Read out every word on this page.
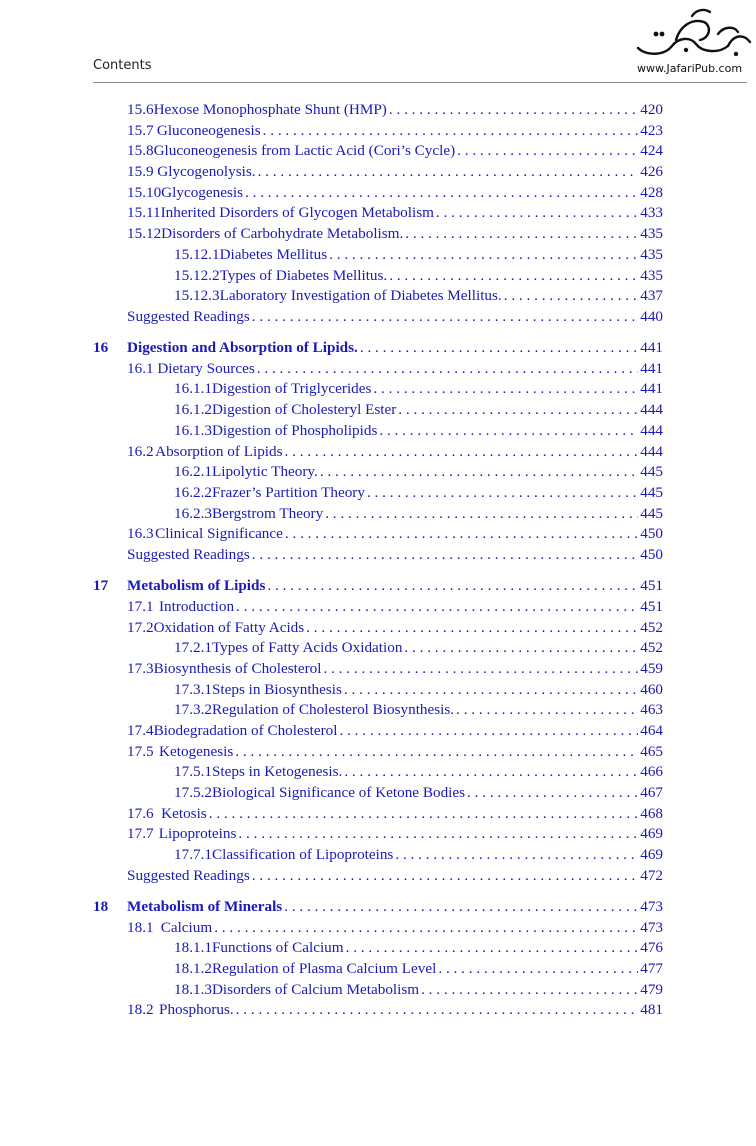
Contents	www.JafariPub.com
15.6 Hexose Monophosphate Shunt (HMP) . . .	420
15.7 Gluconeogenesis . . .	423
15.8 Gluconeogenesis from Lactic Acid (Cori’s Cycle) . . .	424
15.9 Glycogenolysis. . . .	426
15.10 Glycogenesis . . .	428
15.11 Inherited Disorders of Glycogen Metabolism . . .	433
15.12 Disorders of Carbohydrate Metabolism. . . .	435
15.12.1 Diabetes Mellitus . . .	435
15.12.2 Types of Diabetes Mellitus. . . .	435
15.12.3 Laboratory Investigation of Diabetes Mellitus. . . .	437
Suggested Readings . . .	440
16 Digestion and Absorption of Lipids. . . .	441
16.1 Dietary Sources . . .	441
16.1.1 Digestion of Triglycerides . . .	441
16.1.2 Digestion of Cholesteryl Ester . . .	444
16.1.3 Digestion of Phospholipids . . .	444
16.2 Absorption of Lipids . . .	444
16.2.1 Lipolytic Theory. . . .	445
16.2.2 Frazer’s Partition Theory . . .	445
16.2.3 Bergstrom Theory . . .	445
16.3 Clinical Significance . . .	450
Suggested Readings . . .	450
17 Metabolism of Lipids . . .	451
17.1 Introduction . . .	451
17.2 Oxidation of Fatty Acids . . .	452
17.2.1 Types of Fatty Acids Oxidation . . .	452
17.3 Biosynthesis of Cholesterol . . .	459
17.3.1 Steps in Biosynthesis . . .	460
17.3.2 Regulation of Cholesterol Biosynthesis. . . .	463
17.4 Biodegradation of Cholesterol . . .	464
17.5 Ketogenesis . . .	465
17.5.1 Steps in Ketogenesis. . . .	466
17.5.2 Biological Significance of Ketone Bodies . . .	467
17.6 Ketosis . . .	468
17.7 Lipoproteins . . .	469
17.7.1 Classification of Lipoproteins . . .	469
Suggested Readings . . .	472
18 Metabolism of Minerals . . .	473
18.1 Calcium . . .	473
18.1.1 Functions of Calcium . . .	476
18.1.2 Regulation of Plasma Calcium Level . . .	477
18.1.3 Disorders of Calcium Metabolism . . .	479
18.2 Phosphorus. . . .	481
